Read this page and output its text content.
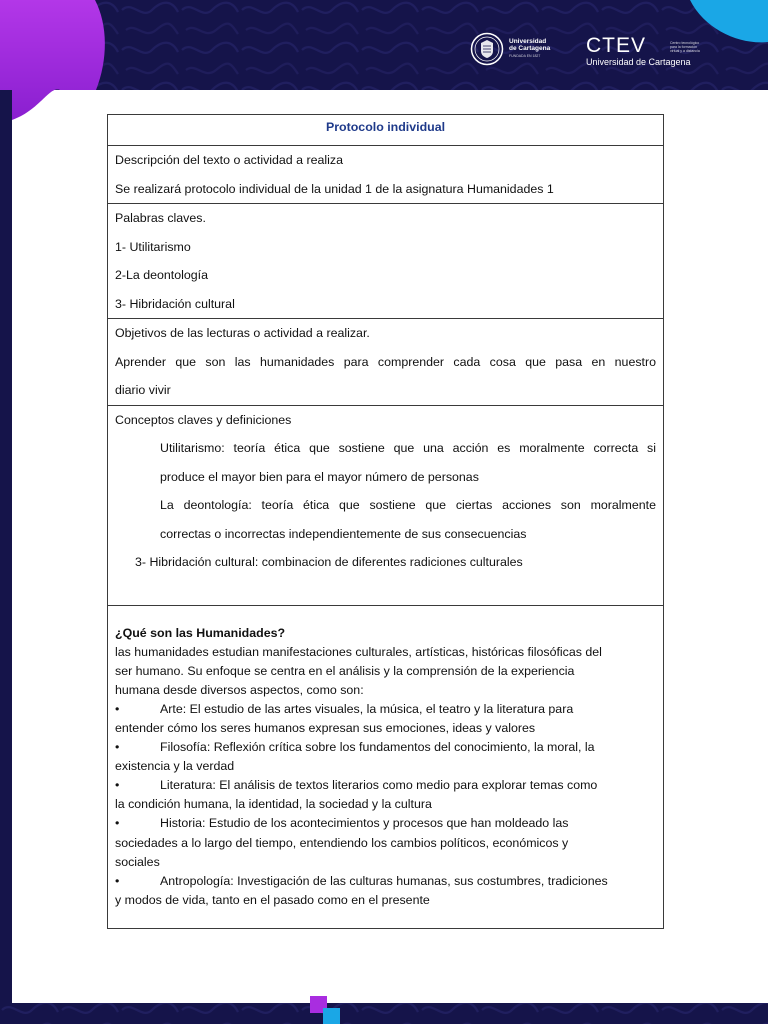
Universidad
de Cartagena
FUNDADA EN 1827	CTEV
Universidad de Cartagena
Centro tecnológico para la formación virtual y a distancia
Protocolo individual

Descripción del texto o actividad a realiza
Se realizará protocolo individual de la unidad 1 de la asignatura Humanidades 1

Palabras claves.
1- Utilitarismo
2-La deontología
3- Hibridación cultural

Objetivos de las lecturas o actividad a realizar.
Aprender que son las humanidades para comprender cada cosa que pasa en nuestro
diario vivir

Conceptos claves y definiciones
Utilitarismo: teoría ética que sostiene que una acción es moralmente correcta si
produce el mayor bien para el mayor número de personas
La deontología: teoría ética que sostiene que ciertas acciones son moralmente
correctas o incorrectas independientemente de sus consecuencias
3- Hibridación cultural: combinacion de diferentes radiciones culturales

¿Qué son las Humanidades?
las humanidades estudian manifestaciones culturales, artísticas, históricas filosóficas del
ser humano. Su enfoque se centra en el análisis y la comprensión de la experiencia
humana desde diversos aspectos, como son:
•	Arte: El estudio de las artes visuales, la música, el teatro y la literatura para
entender cómo los seres humanos expresan sus emociones, ideas y valores
•	Filosofía: Reflexión crítica sobre los fundamentos del conocimiento, la moral, la
existencia y la verdad
•	Literatura: El análisis de textos literarios como medio para explorar temas como
la condición humana, la identidad, la sociedad y la cultura
•	Historia: Estudio de los acontecimientos y procesos que han moldeado las
sociedades a lo largo del tiempo, entendiendo los cambios políticos, económicos y
sociales
•	Antropología: Investigación de las culturas humanas, sus costumbres, tradiciones
y modos de vida, tanto en el pasado como en el presente
